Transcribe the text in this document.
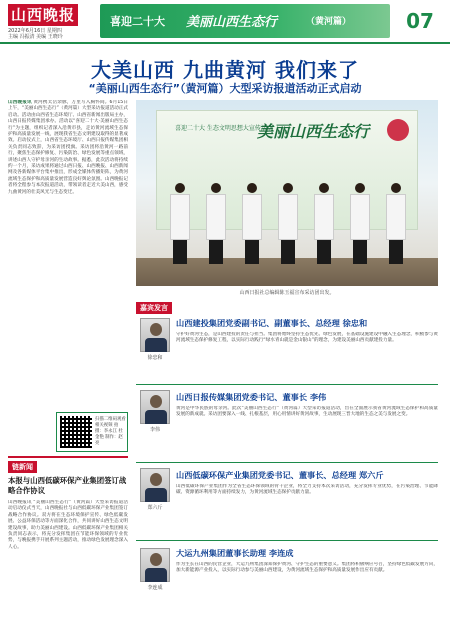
山西晚报
2022年6月16日 星期四
主编 冯振清 美编 王晓玲
喜迎二十大 美丽山西生态行	（黄河篇）	07
大美山西 九曲黄河 我们来了
“美丽山西生态行”（黄河篇）大型采访报道活动正式启动
山西晚报讯 黄河携太岳余脉，万里写入胸怀间。6月15日上午，“美丽山西生态行”（黄河篇）大型采访报道活动正式启动。活动由山西省生态环境厅、山西省新闻出版局主办，山西日报传媒集团承办。活动以“喜迎二十大·美丽山西生态行”为主题，组织记者深入沿黄市县，走访黄河流域生态保护和高质量发展一线，展现我省生态文明建设取得的显著成效。启动仪式上，山西省生态环境厅、山西日报传媒集团相关负责同志致辞，为采访团授旗。采访团将沿黄河一路前行，聚焦生态保护修复、污染防治、绿色发展等重点领域，讲述山西人守护母亲河的生动故事。据悉，此次活动将持续约一个月，采访成果将通过山西日报、山西晚报、山西新闻网及各新媒体平台集中推出，形成全媒体传播矩阵，为黄河流域生态保护和高质量发展营造良好舆论氛围。山西晚报记者将全程参与本次报道活动，带领读者走近大美山西，感受九曲黄河的壮美风光与生态变迁。
扫描二维码观看相关视频 拍摄：李永江 杜金艳 制作：赵亮
链新闻
本报与山西低碳环保产业集团签订战略合作协议
山西晚报讯 “美丽山西生态行”（黄河篇）大型采访报道活动启动仪式当天，山西晚报社与山西低碳环保产业集团签订战略合作协议。双方将在生态环境保护宣传、绿色低碳发展、公益环保活动等方面深化合作，共同讲好山西生态文明建设故事，助力美丽山西建设。山西低碳环保产业集团相关负责同志表示，将充分发挥集团在节能环保领域的专业优势，与晚报携手开展系列主题活动，推动绿色发展理念深入人心。
喜迎二十大 生态文明思想大宣传活动
美丽山西生态行
山西日报社总编辑陈玉福宣布采访团出发。
嘉宾发言
徐忠和
山西建投集团党委副书记、副董事长、总经理 徐忠和
守护好黄河生态，是山西建投的责任与担当。集团将始终坚持生态优先、绿色发展，在基础设施建设中融入生态理念，积极参与黄河流域生态保护修复工程，以实际行动践行“绿水青山就是金山银山”的理念，为建设美丽山西贡献建投力量。
李伟
山西日报传媒集团党委书记、董事长 李伟
黄河是中华民族的母亲河。此次“美丽山西生态行”（黄河篇）大型采访报道活动，旨在全面展示我省黄河流域生态保护和高质量发展的新成就。采访团要深入一线、扎根基层，用心用情讲好黄河故事，生动展现三晋大地的生态之美与发展之变。
郑六斤
山西低碳环保产业集团党委书记、董事长、总经理 郑六斤
山西低碳环保产业集团作为全省生态环保领域的骨干企业，将全力支持本次采访活动，充分发挥专业优势，在污染治理、节能降碳、资源循环利用等方面持续发力，为黄河流域生态保护贡献力量。
李连成
大运九州集团董事长助理 李连成
作为生长在山西的民营企业，大运九州集团深知保护黄河、守护生态的重要意义。集团将积极响应号召，坚持绿色低碳发展方向，加大新能源产业投入，以实际行动参与美丽山西建设，为黄河流域生态保护和高质量发展作出应有贡献。
